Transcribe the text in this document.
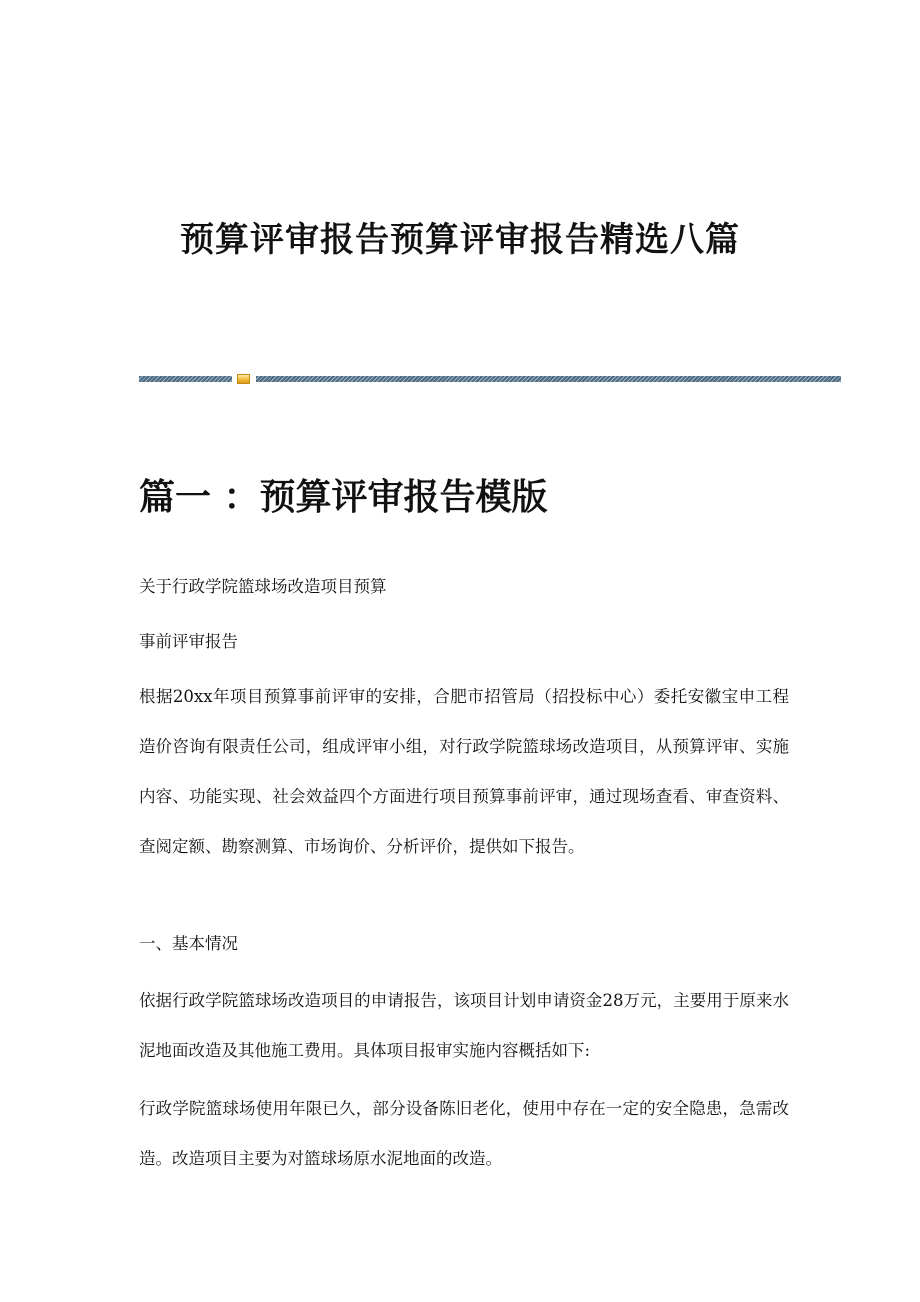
预算评审报告预算评审报告精选八篇
篇一 ：预算评审报告模版

关于行政学院篮球场改造项目预算

事前评审报告

根据20xx年项目预算事前评审的安排，合肥市招管局（招投标中心）委托安徽宝申工程造价咨询有限责任公司，组成评审小组，对行政学院篮球场改造项目，从预算评审、实施内容、功能实现、社会效益四个方面进行项目预算事前评审，通过现场查看、审查资料、查阅定额、勘察测算、市场询价、分析评价，提供如下报告。

一、基本情况

依据行政学院篮球场改造项目的申请报告，该项目计划申请资金28万元，主要用于原来水泥地面改造及其他施工费用。具体项目报审实施内容概括如下:

行政学院篮球场使用年限已久，部分设备陈旧老化，使用中存在一定的安全隐患，急需改造。改造项目主要为对篮球场原水泥地面的改造。
